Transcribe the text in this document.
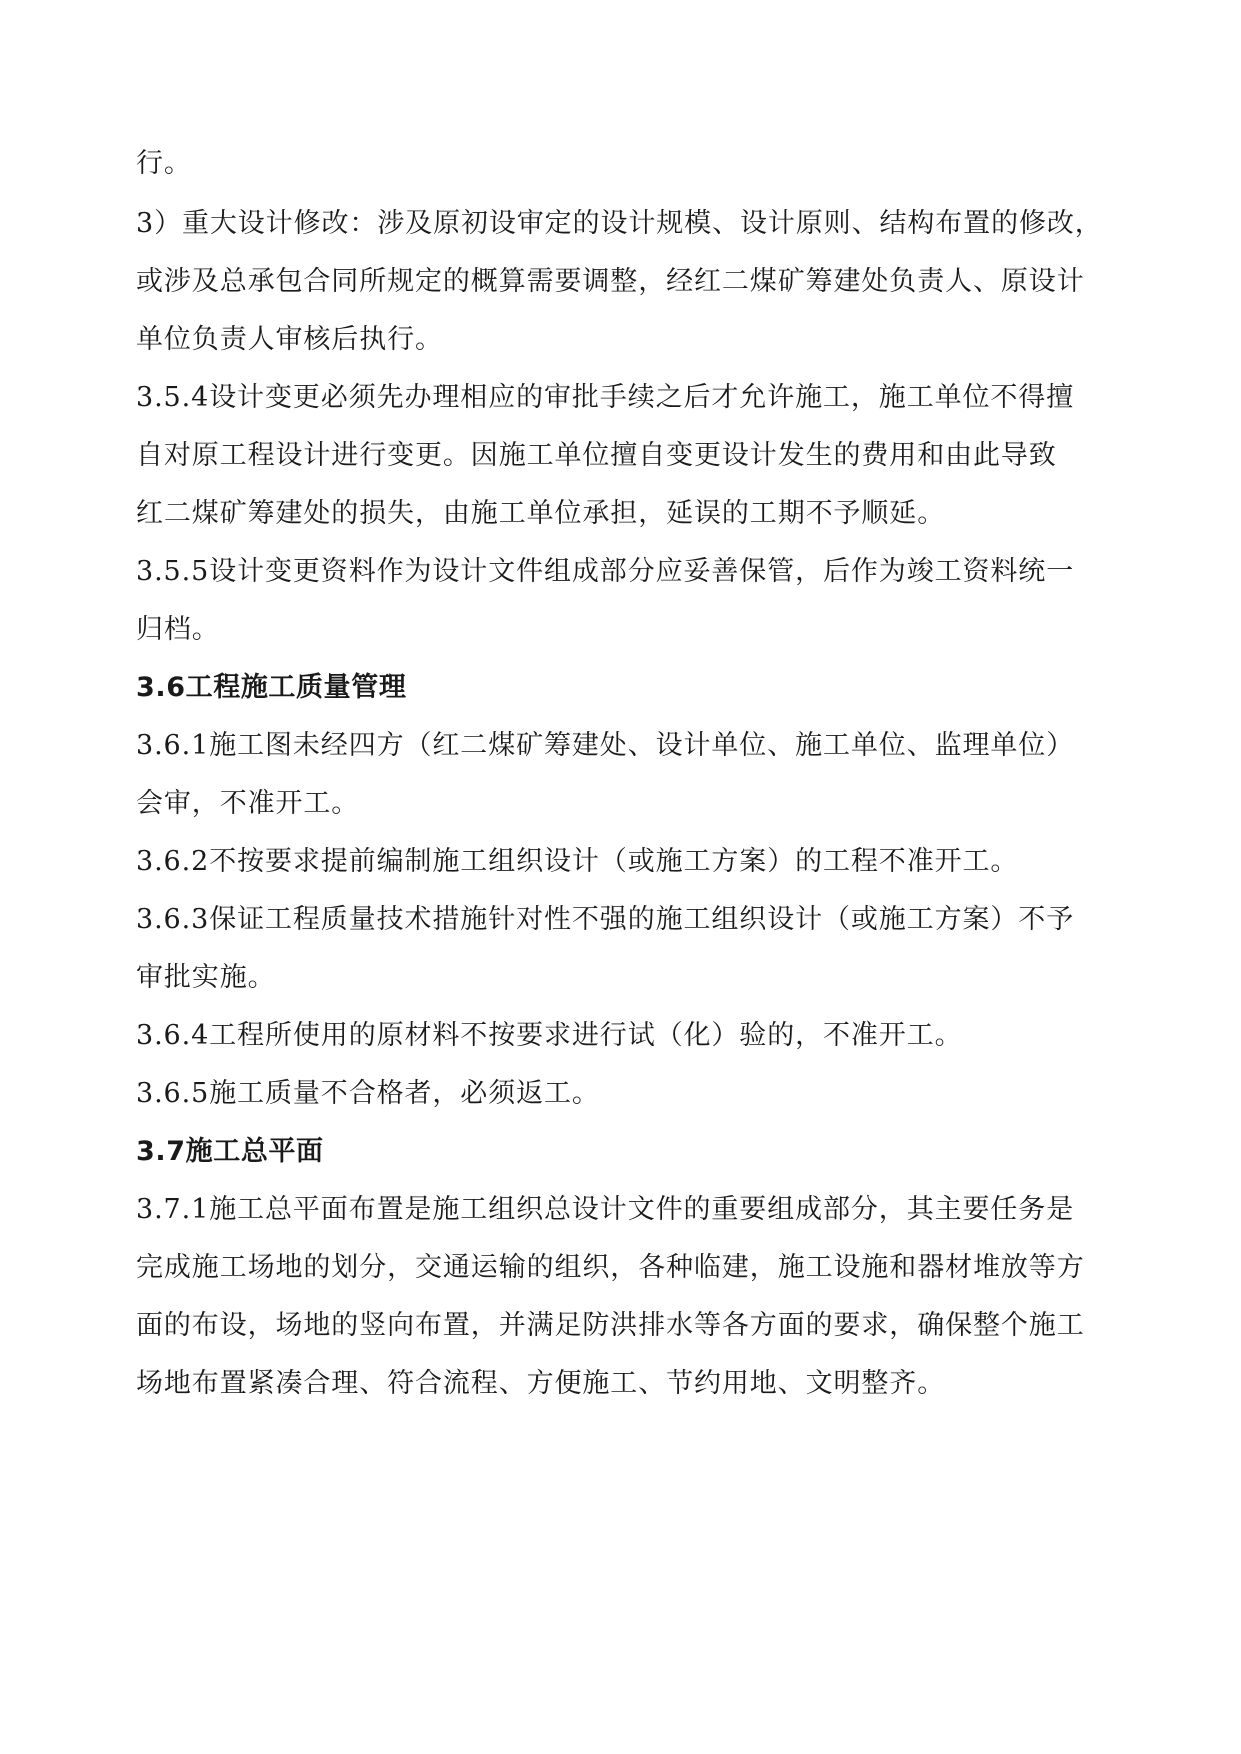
行。
3）重大设计修改：涉及原初设审定的设计规模、设计原则、结构布置的修改，
或涉及总承包合同所规定的概算需要调整，经红二煤矿筹建处负责人、原设计
单位负责人审核后执行。
3.5.4设计变更必须先办理相应的审批手续之后才允许施工，施工单位不得擅
自对原工程设计进行变更。因施工单位擅自变更设计发生的费用和由此导致
红二煤矿筹建处的损失，由施工单位承担，延误的工期不予顺延。
3.5.5设计变更资料作为设计文件组成部分应妥善保管，后作为竣工资料统一
归档。
3.6工程施工质量管理
3.6.1施工图未经四方（红二煤矿筹建处、设计单位、施工单位、监理单位）
会审，不准开工。
3.6.2不按要求提前编制施工组织设计（或施工方案）的工程不准开工。
3.6.3保证工程质量技术措施针对性不强的施工组织设计（或施工方案）不予
审批实施。
3.6.4工程所使用的原材料不按要求进行试（化）验的，不准开工。
3.6.5施工质量不合格者，必须返工。
3.7施工总平面
3.7.1施工总平面布置是施工组织总设计文件的重要组成部分，其主要任务是
完成施工场地的划分，交通运输的组织，各种临建，施工设施和器材堆放等方
面的布设，场地的竖向布置，并满足防洪排水等各方面的要求，确保整个施工
场地布置紧凑合理、符合流程、方便施工、节约用地、文明整齐。
